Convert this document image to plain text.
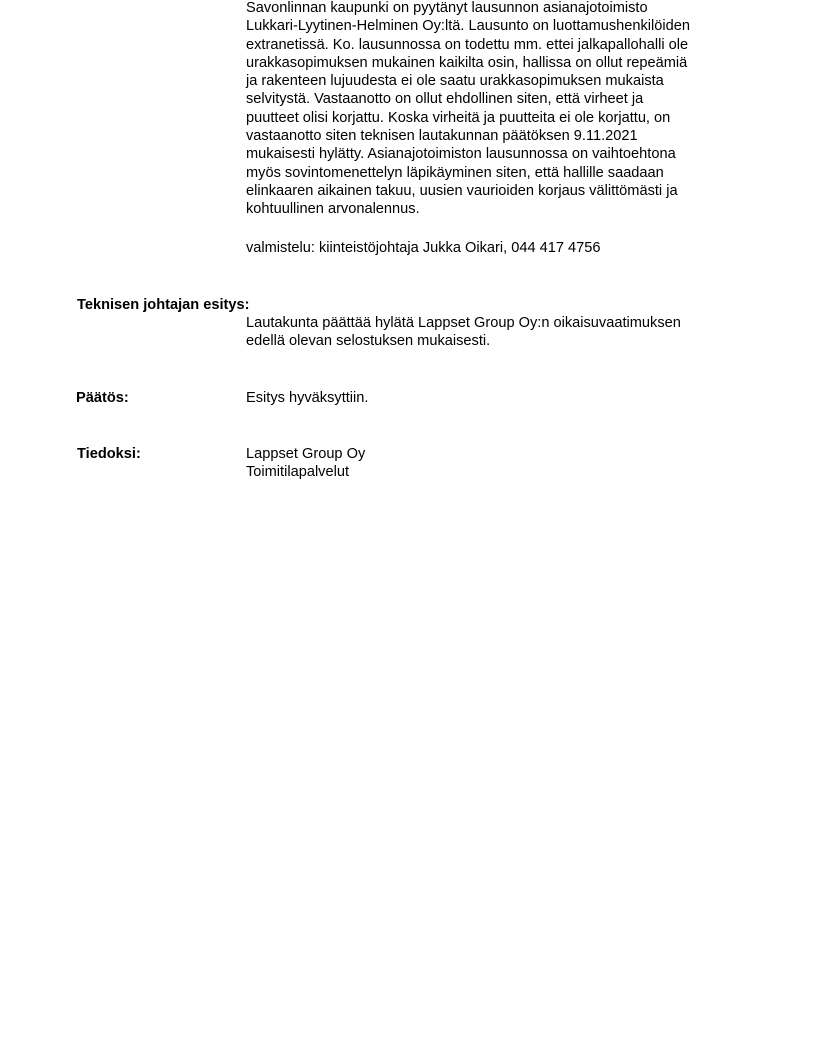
Savonlinnan kaupunki on pyytänyt lausunnon asianajotoimisto
Lukkari-Lyytinen-Helminen Oy:ltä. Lausunto on luottamushenkilöiden
extranetissä. Ko. lausunnossa on todettu mm. ettei jalkapallohalli ole
urakkasopimuksen mukainen kaikilta osin, hallissa on ollut repeämiä
ja rakenteen lujuudesta ei ole saatu urakkasopimuksen mukaista
selvitystä. Vastaanotto on ollut ehdollinen siten, että virheet ja
puutteet olisi korjattu. Koska virheitä ja puutteita ei ole korjattu, on
vastaanotto siten teknisen lautakunnan päätöksen 9.11.2021
mukaisesti hylätty. Asianajotoimiston lausunnossa on vaihtoehtona
myös sovintomenettelyn läpikäyminen siten, että hallille saadaan
elinkaaren aikainen takuu, uusien vaurioiden korjaus välittömästi ja
kohtuullinen arvonalennus.
valmistelu: kiinteistöjohtaja Jukka Oikari, 044 417 4756
Teknisen johtajan esitys:
Lautakunta päättää hylätä Lappset Group Oy:n oikaisuvaatimuksen
edellä olevan selostuksen mukaisesti.
Päätös:	Esitys hyväksyttiin.
Tiedoksi:	Lappset Group Oy
Toimitilapalvelut
